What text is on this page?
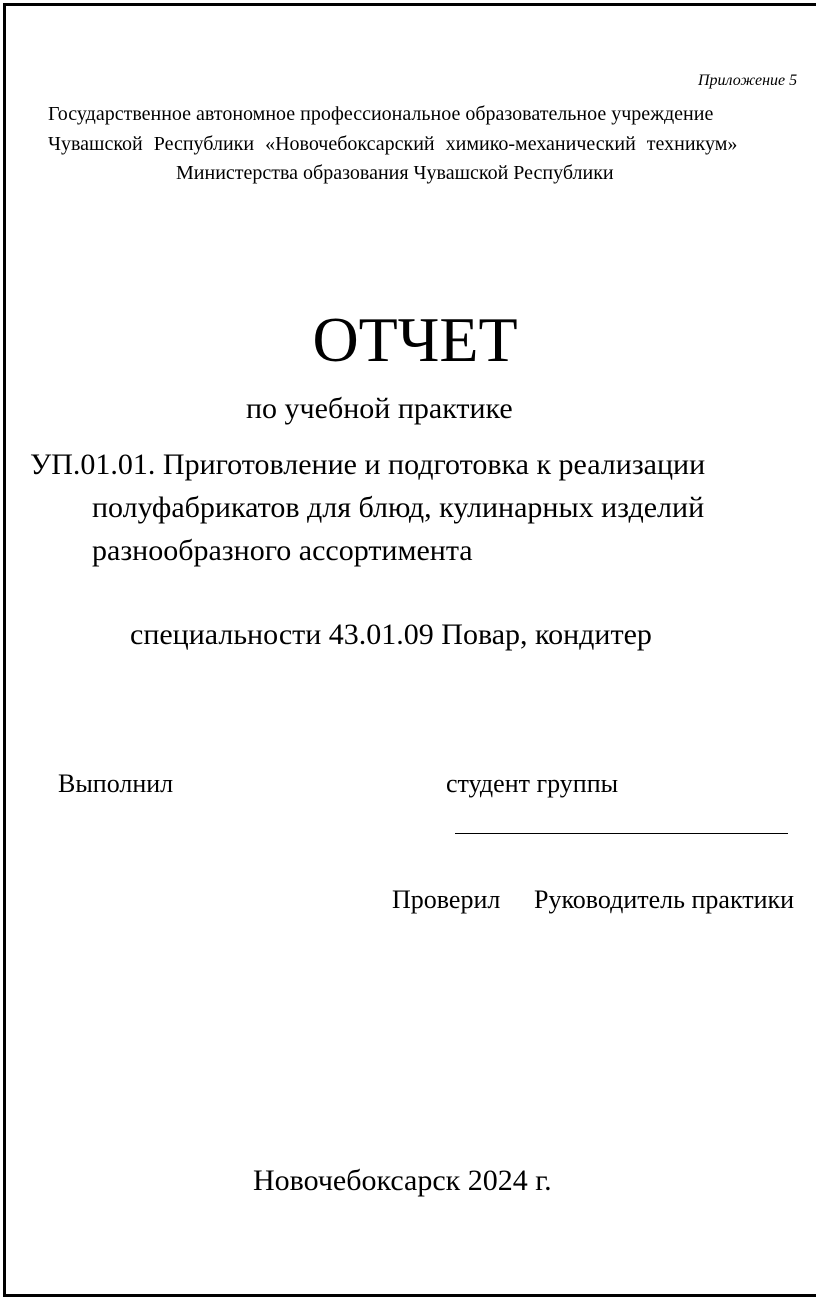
Приложение 5
Государственное автономное профессиональное образовательное учреждение
Чувашской Республики «Новочебоксарский химико-механический техникум»
Министерства образования Чувашской Республики
ОТЧЕТ
по учебной практике
УП.01.01. Приготовление и подготовка к реализации
полуфабрикатов для блюд, кулинарных изделий
разнообразного ассортимента
специальности 43.01.09 Повар, кондитер
Выполнил	студент группы
Проверил Руководитель практики
Новочебоксарск 2024 г.
